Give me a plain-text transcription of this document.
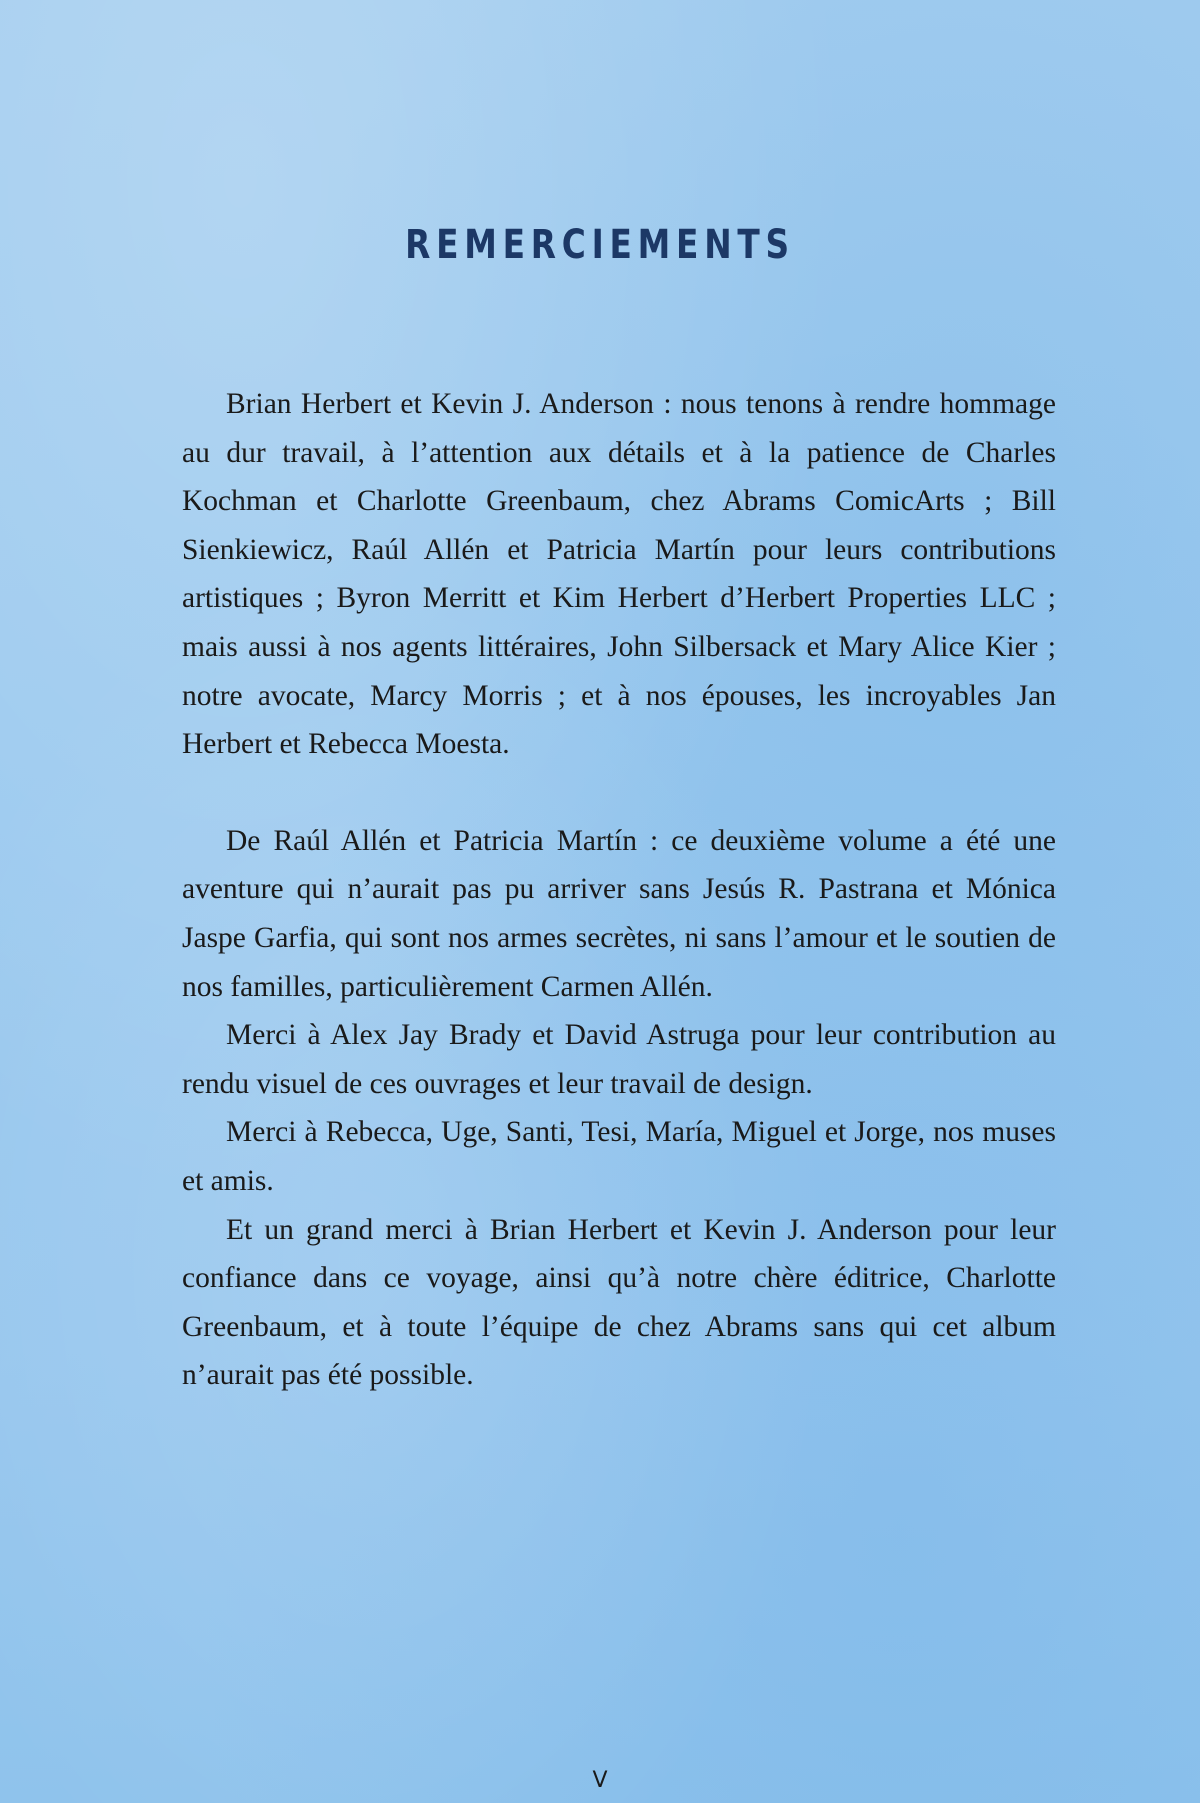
REMERCIEMENTS

Brian Herbert et Kevin J. Anderson : nous tenons à rendre hommage au dur travail, à l’attention aux détails et à la patience de Charles Kochman et Charlotte Greenbaum, chez Abrams ComicArts ; Bill Sienkiewicz, Raúl Allén et Patricia Martín pour leurs contributions artistiques ; Byron Merritt et Kim Herbert d’Herbert Properties LLC ; mais aussi à nos agents littéraires, John Silbersack et Mary Alice Kier ; notre avocate, Marcy Morris ; et à nos épouses, les incroyables Jan Herbert et Rebecca Moesta.

De Raúl Allén et Patricia Martín : ce deuxième volume a été une aventure qui n’aurait pas pu arriver sans Jesús R. Pastrana et Mónica Jaspe Garfia, qui sont nos armes secrètes, ni sans l’amour et le soutien de nos familles, particulièrement Carmen Allén.

Merci à Alex Jay Brady et David Astruga pour leur contribution au rendu visuel de ces ouvrages et leur travail de design.

Merci à Rebecca, Uge, Santi, Tesi, María, Miguel et Jorge, nos muses et amis.

Et un grand merci à Brian Herbert et Kevin J. Anderson pour leur confiance dans ce voyage, ainsi qu’à notre chère éditrice, Charlotte Greenbaum, et à toute l’équipe de chez Abrams sans qui cet album n’aurait pas été possible.

V
